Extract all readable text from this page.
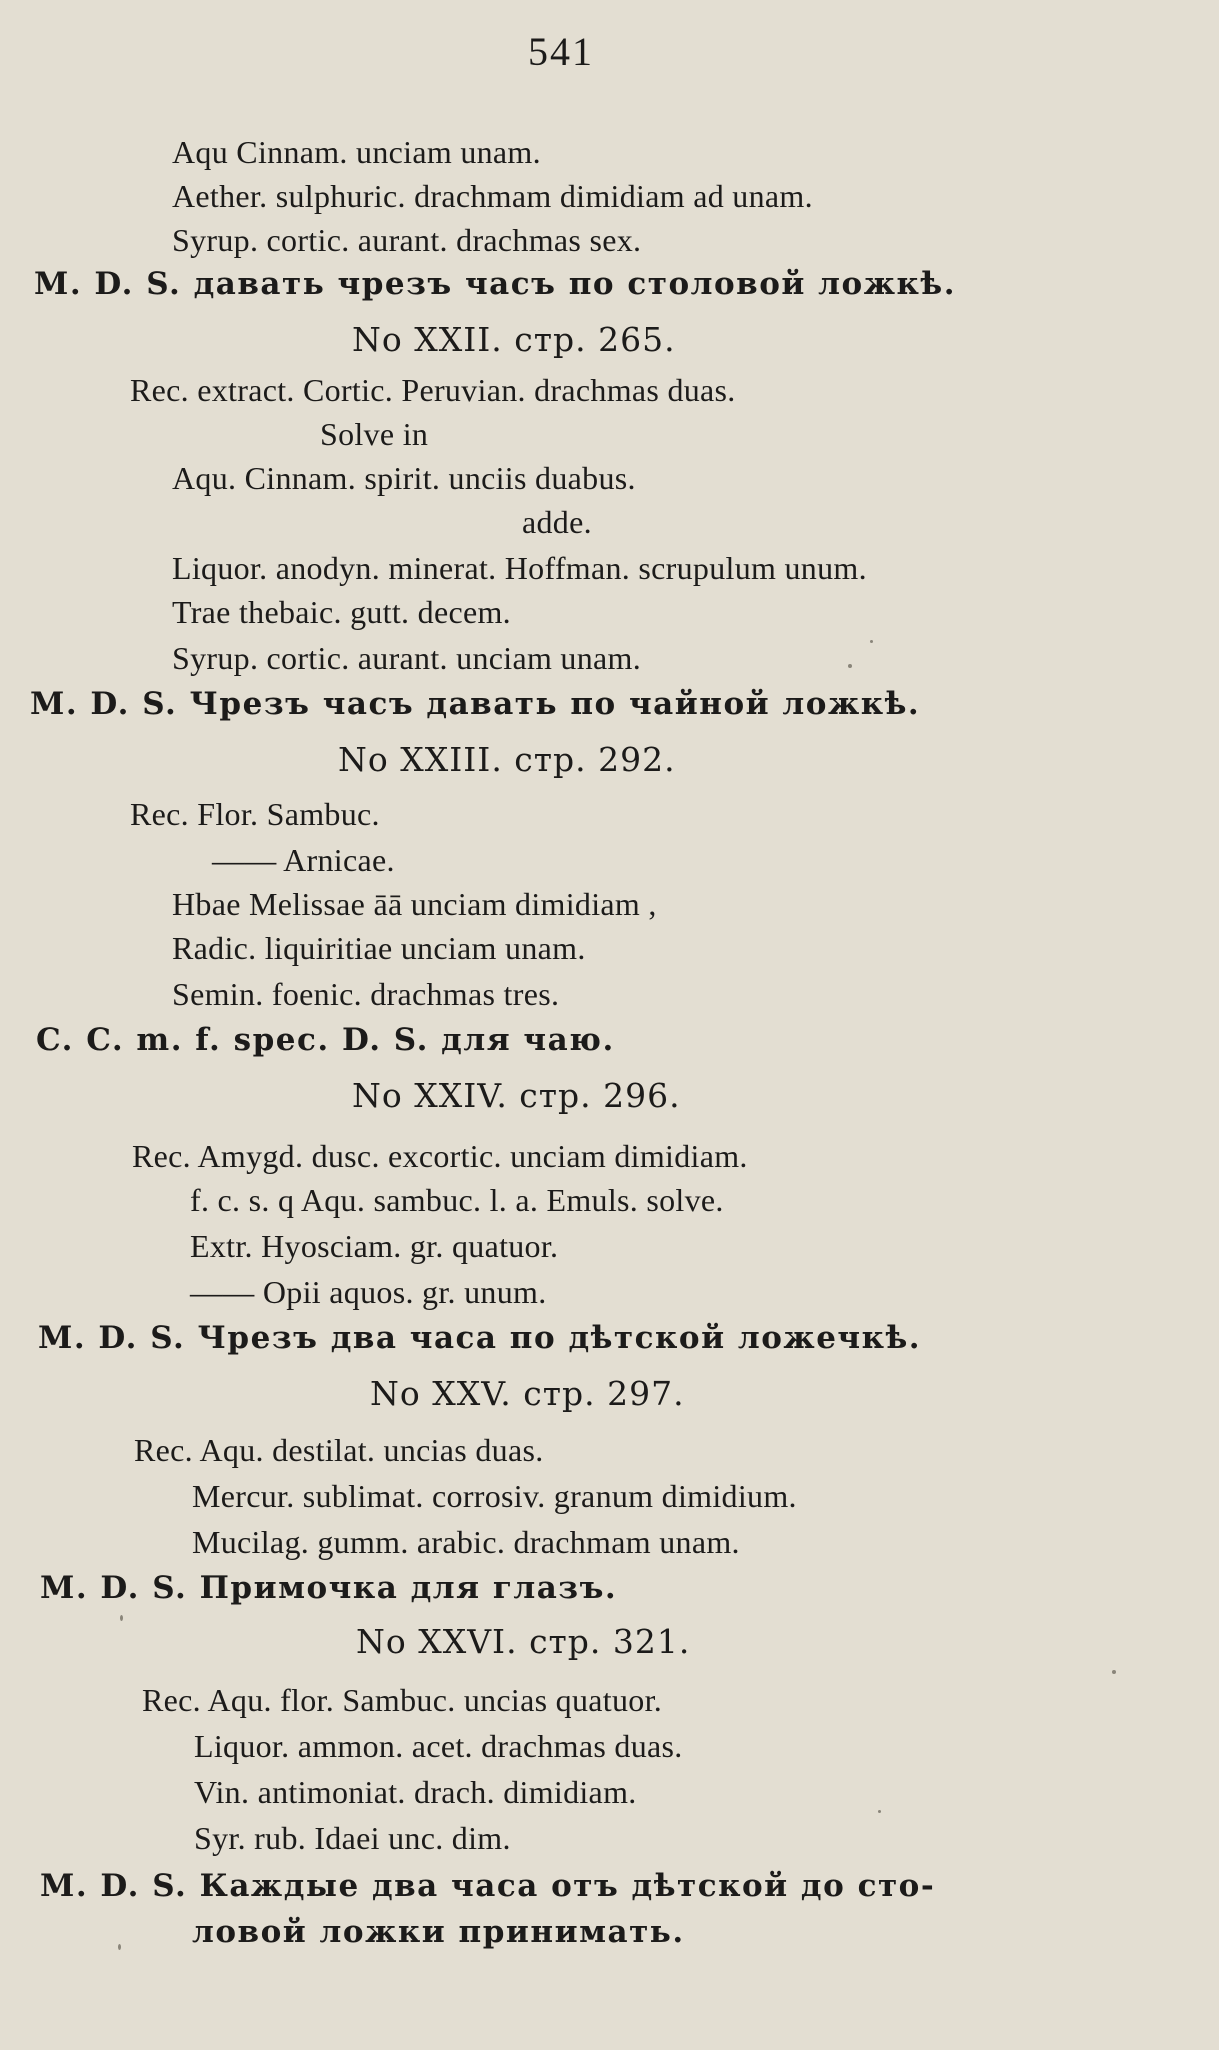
541
Aqu Cinnam. unciam unam.
Aether. sulphuric. drachmam dimidiam ad unam.
Syrup. cortic. aurant. drachmas sex.
M. D. S. давать чрезъ часъ по столовой ложкѣ.
No XXII. стр. 265.
Rec. extract. Cortic. Peruvian. drachmas duas.
Solve in
Aqu. Cinnam. spirit. unciis duabus.
adde.
Liquor. anodyn. minerat. Hoffman. scrupulum unum.
Trae thebaic. gutt. decem.
Syrup. cortic. aurant. unciam unam.
M. D. S. Чрезъ часъ давать по чайной ложкѣ.
No XXIII. стр. 292.
Rec. Flor. Sambuc.
—— Arnicae.
Hbae Melissae āā unciam dimidiam ,
Radic. liquiritiae unciam unam.
Semin. foenic. drachmas tres.
C. C. m. f. spec. D. S. для чаю.
No XXIV. стр. 296.
Rec. Amygd. dusc. excortic. unciam dimidiam.
f. c. s. q Aqu. sambuc. l. a. Emuls. solve.
Extr. Hyosciam. gr. quatuor.
—— Opii aquos. gr. unum.
M. D. S. Чрезъ два часа по дѣтской ложечкѣ.
No XXV. стр. 297.
Rec. Aqu. destilat. uncias duas.
Mercur. sublimat. corrosiv. granum dimidium.
Mucilag. gumm. arabic. drachmam unam.
M. D. S. Примочка для глазъ.
No XXVI. стр. 321.
Rec. Aqu. flor. Sambuc. uncias quatuor.
Liquor. ammon. acet. drachmas duas.
Vin. antimoniat. drach. dimidiam.
Syr. rub. Idaei unc. dim.
M. D. S. Каждые два часа отъ дѣтской до сто-
ловой ложки принимать.
